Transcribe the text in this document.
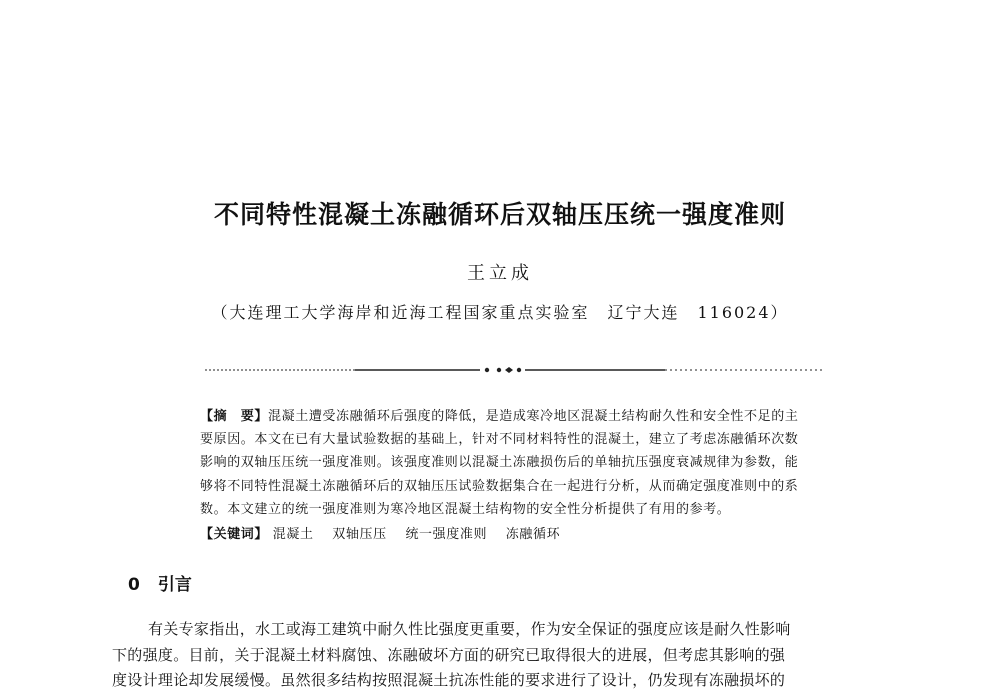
不同特性混凝土冻融循环后双轴压压统一强度准则
王立成
（大连理工大学海岸和近海工程国家重点实验室　辽宁大连　116024）
【摘　要】混凝土遭受冻融循环后强度的降低，是造成寒冷地区混凝土结构耐久性和安全性不足的主
要原因。本文在已有大量试验数据的基础上，针对不同材料特性的混凝土，建立了考虑冻融循环次数
影响的双轴压压统一强度准则。该强度准则以混凝土冻融损伤后的单轴抗压强度衰减规律为参数，能
够将不同特性混凝土冻融循环后的双轴压压试验数据集合在一起进行分析，从而确定强度准则中的系
数。本文建立的统一强度准则为寒冷地区混凝土结构物的安全性分析提供了有用的参考。
【关键词】 混凝土 双轴压压 统一强度准则 冻融循环
0 引言
有关专家指出，水工或海工建筑中耐久性比强度更重要，作为安全保证的强度应该是耐久性影响
下的强度。目前，关于混凝土材料腐蚀、冻融破坏方面的研究已取得很大的进展，但考虑其影响的强
度设计理论却发展缓慢。虽然很多结构按照混凝土抗冻性能的要求进行了设计，仍发现有冻融损坏的
